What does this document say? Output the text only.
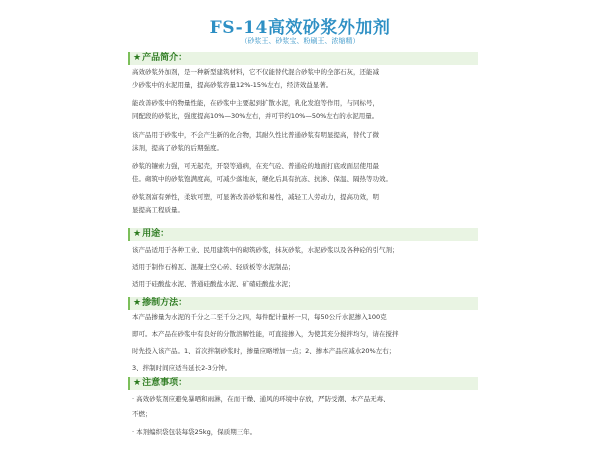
FS-14高效砂浆外加剂
（砂浆王、砂浆宝、粉刷王、浓缩精）
★产品简介：

高效砂浆外加剂，是一种新型建筑材料，它不仅能替代混合砂浆中的全部石灰，还能减

少砂浆中的水泥用量，提高砂浆容量12%-15%左右，经济效益显著。

能改善砂浆中的物量性能，在砂浆中主要起到扩散水泥，乳化发泡等作用，与同标号，

同配段的砂浆比，强度提高10%—30%左右，并可节约10%—50%左右的水泥用量。

该产品用于砂浆中，不会产生新的化合物，其耐久性比普通砂浆有明显提高，替代了微

沫剂，提高了砂浆的后期强度。

砂浆的镶索力强，可无起壳，开裂等通病，在充气砼、普通砼的地面打底或面层使用最

佳。砌筑中的砂浆饱满度高，可减少落地灰，硬化后具有抗冻、抗渗、保温、隔热等功效。

砂浆剂富有弹性，柔软可塑，可显著改善砂浆和易性，减轻工人劳动力，提高功效，明

显提高工程质量。

★用途：

该产品适用于各种工业、民用建筑中的砌筑砂浆，抹灰砂浆，水泥砂浆以及各种砼的引气剂；

适用于制作石棉瓦、混凝土空心砖、轻质板等水泥制品；

适用于硅酸盐水泥、普通硅酸盐水泥、矿碴硅酸盐水泥；

★掺制方法：

本产品掺量为水泥的千分之二至千分之四，每件配计量杯一只，每50公斤水泥掺入100克

即可。本产品在砂浆中有良好的分散溶解性能，可直接掺入，为使其充分搅拌均匀，请在搅拌

时先投入该产品。1、首次拌制砂浆时，掺量应略增加一点；2、掺本产品应减水20%左右；

3、拌制时间应适当延长2-3分钟。

★注意事项：

· 高效砂浆剂应避免暴晒和雨淋，在而干燥、通风的环境中存放，严防受潮、本产品无毒、

不燃；

· 本剂编织袋包装每袋25kg，保质期三年。
